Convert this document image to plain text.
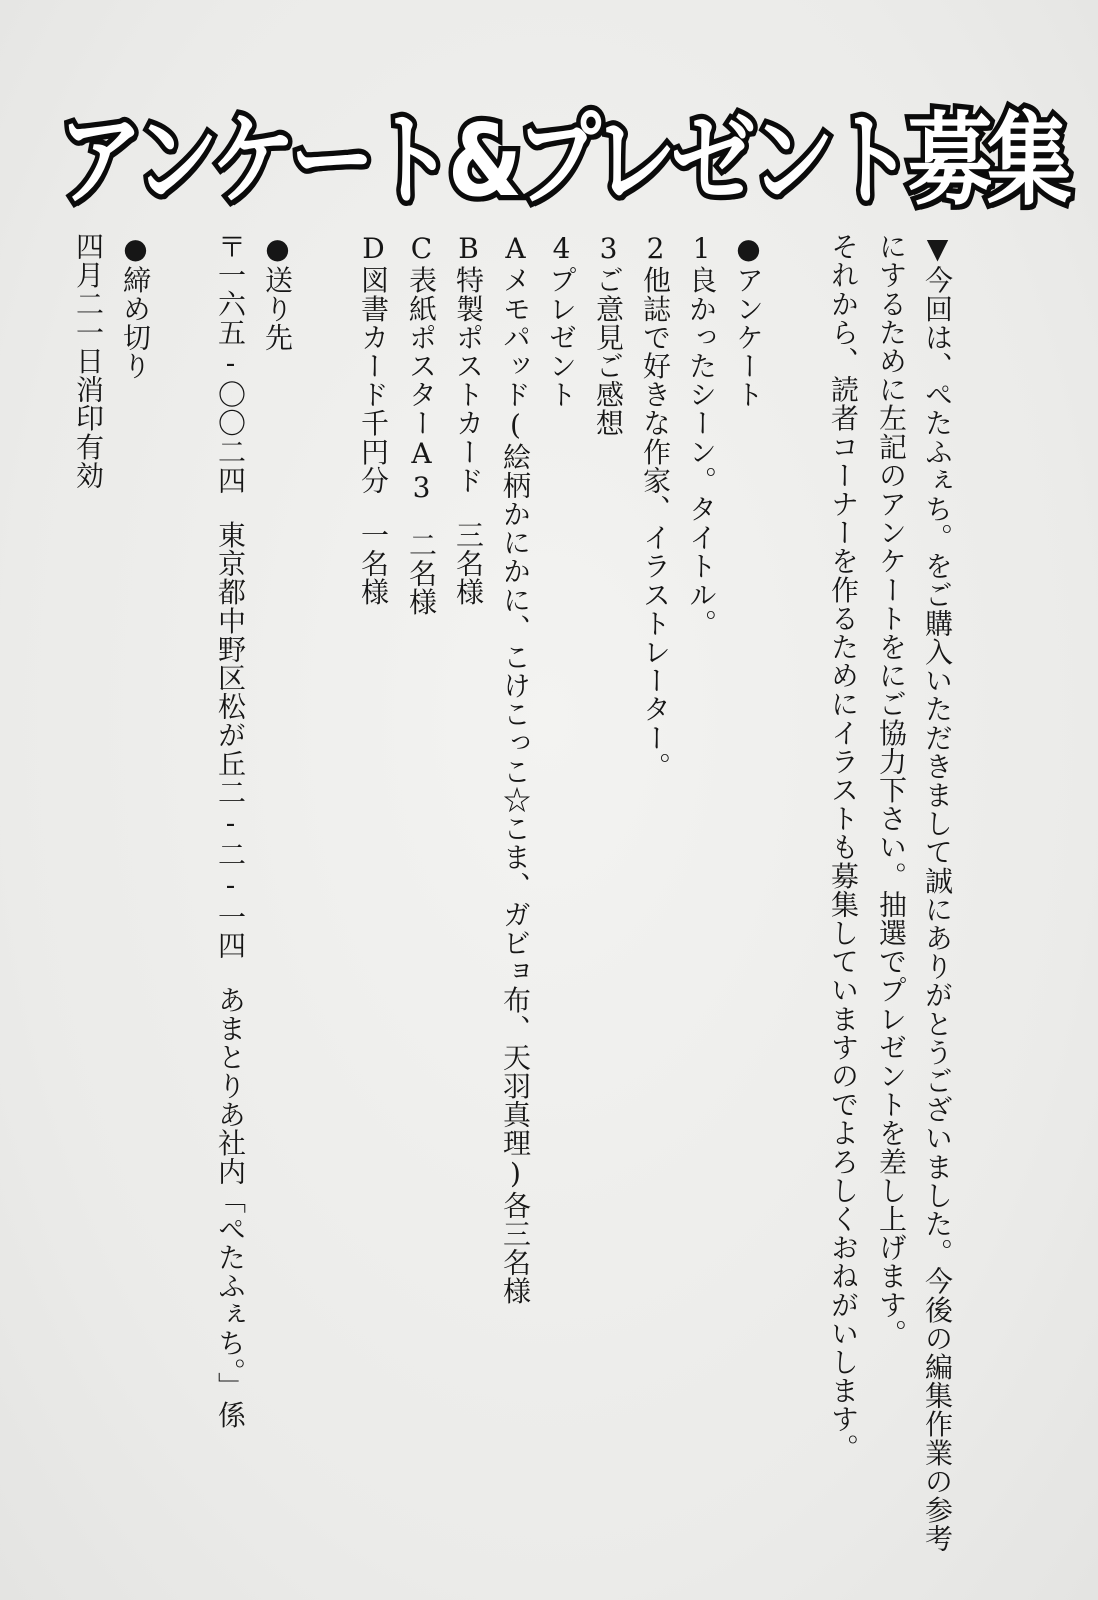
アンケート&プレゼント募集
▼今回は、ぺたふぇち。をご購入いただきまして誠にありがとうございました。今後の編集作業の参考
にするために左記のアンケートをにご協力下さい。抽選でプレゼントを差し上げます。
それから、読者コーナーを作るためにイラストも募集していますのでよろしくおねがいします。
●アンケート
1良かったシーン。タイトル。
2他誌で好きな作家、イラストレーター。
3ご意見ご感想
4プレゼント
Aメモパッド(絵柄かにかに、こけこっこ☆こま、ガビョ布、天羽真理)各三名様
B特製ポストカード三名様
C表紙ポスターA3二名様
D図書カード千円分一名様
●送り先
〒一六五-〇〇二四東京都中野区松が丘二-二-一四あまとりあ社内「ぺたふぇち。」係
●締め切り
四月二一日消印有効
